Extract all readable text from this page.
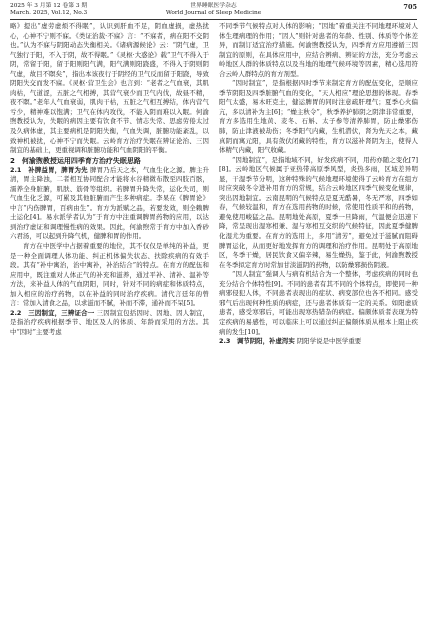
2025 年 3 月第 12 卷第 3 期
March. 2025, Vol.12, No.3
世界睡眠医学杂志
World Journal of Sleep Medicine
705

略》提出“虚劳虚烦不得眠”，认识到肝血不足，阴血虚损，虚热扰心，心神不宁则不寐。《类证治裁·不寐》言：“不寐者，病在阳不交阴也。”认为不寐与阴阳动态失衡相关。《诸病源候论》云：“阴气虚，卫气独行于阳，不入于阴，故不得眠。”《灵枢·大惑论》载“卫气不得入于阴，常留于阳，留于阳则阳气满，阳气满则阳跷盛，不得入于阴则阴气虚，故目不瞑矣”，指出本该夜行于阴经的卫气反而留于阳跷，导致阴阳失交而发不寐。《灵枢·营卫生会》也言到：“老者之气血衰，其肌肉枯，气道涩，五脏之气相搏，其营气衰少而卫气内伐，故昼不精，夜不瞑。”老年人气血衰弱，肌肉干枯，五脏之气相互搏结，体内营气亏少，精神难以饱满；卫气在体内攻伐，不能入阴而难以入眠。何渝煦教授认为，失眠的病因主要有饮食不节、情志失常、思虑劳倦太过及久病体虚，其主要病机是阴阳失衡，气血失调，脏腑功能紊乱，以致神机被扰，心神不宁而失眠。云岭育方治疗失眠在辨证论治、三因制宜的基础上，更重视调和脏腑功能和气血阴阳的平衡。

2　何渝煦教授运用四季育方治疗失眠思路

2.1　补脾益胃，脾胃为先 脾胃乃后天之本，气血生化之源。脾主升清，胃主降浊，二者相互协同配合才能将水谷精微布散至四肢百骸，濡养全身脏腑，肌肤、筋骨等组织。若脾胃升降失常，运化失司，则气血生化乏源，可累及其他脏腑而产生多种病症。李杲在《脾胃论》中言“内伤脾胃，百病由生”。育方为派赋之品，若要发效，则全赖脾土运化[4]。易水派学者认为“于育方中注重调脾胃药物的应用，以达到治疗虚证和调理慢性病的效果。因此，何渝煦常于育方中加入香砂六君汤，可以起到升降气机，健脾和胃的作用。

育方在中医学中占据着重要的地位，其不仅仅是单纯的补益，更是一种全面调理人体功能、纠正机体偏失状态、扶除疾病的有效手段。其有“补中寓治，治中寓补，补治结合”的特点。在育方的配伍和应用中，既注重对人体正气的补充和滋养，通过平补、清补、温补等方法，来补益人体的气血阴阳，同时，针对不同的病症和体质特点，加入相应的治疗药物，以在补益的同时治疗疾病。清代言廷年的曾言：常加入清食之品，以求滋而不腻，补而不滞，通补而不呆[5]。

2.2　三因制宜，三辨证合一 三因制宜包括因时、因地、因人制宜，是指治疗疾病根据季节、地区及人的体质、年龄而采用的方法。其中“因时”主要考虑

不同季节气候特点对人体的影响；“因地”着重关注不同地理环境对人体生理病理的作用；“因人”则针对患者的年龄、性别、体质等个体差异，而制订适宜治疗措施。何渝煦教授认为，四季育方应用遵循三因制宜的原则，在具体应用中，应结合辨病、辨证的方法，充分考虑云岭地区人群的体质特点以及当地的地理气候环境等因素，精心选用符合云岭人群特点的育方剂型。

“因时制宜”，是指根据四时季节来制定育方的配伍变化，是顺应季节阴阳及四季脏腑气血的变化，“天人相应”理论思想的体现。春季阳气太盛，易木旺克土，健运脾胃的同时注意疏肝理气；夏季心火偏亢，多以清补为主[6]；“燥主秋令”，秋季养护肺阴之阴津非常重要，育方多选用生地黄、麦冬、石斛、太子参等清养肺胃，防止燥邪伤肺，防止津液被劫伤；冬季阳气内藏，生机潜伏，肾为先天之本，藏真阴而寓元阳，具有敛伏闭藏的特性，育方以滋补肾阴为主，使得人体精气内藏，阳气收藏。

“因地制宜”，是指地域不同，好发疾病不同，用药亦随之变化[7][8]。云岭地区气候属于亚热带高原季风型，炎热多雨，区域差异明显，干湿季节分明，这种特殊的气候地理环境使得了云岭育方在组方时应突破冬令进补用育方的常规，结合云岭地区四季气候变化规律，突出因地制宜。云南昆明的气候特点是夏无酷暑，冬无严寒，四季如春，气候较温和，育方在选用药物的时候，常使用性质平和的药物，避免使用峻猛之品。昆明地处高原，夏季一旦降雨，气温便会迅速下降，常呈现出湿寒相兼、湿与寒相互交织的气候特征，因此夏季健脾化湿尤为重要。在育方的选用上，多用“清芳”，避免过于滋腻而阻碍脾胃运化，从而更好地发挥育方的调理和治疗作用。昆明处于高原地区，冬季干燥，居民饮食又偏辛辣，易生燥热，鉴于此，何渝煦教授在冬季拟定育方时常加甘淡滋阴的药物，以防燥邪损伤阴液。

“因人制宜”强调人与病有机结合为一个整体，考虑疾病的同时也充分结合个体特性[9]。不同的患者有其不同的个体特点，即使同一种病邪侵犯人体，不同患者表现出的症状、病变部位也各不相同。感受邪气后出现何种性质的病症，还与患者体质有一定的关系。如阳虚质患者，感受寒邪后，可能出现寒热错杂的病症。偏颇体质者表现为特定疾病的易感性，可以临床上可以通过纠正偏颇体质从根本上阻止疾病的发生[10]。

2.3　调节阴阳，补虚泻实 阴阳学说是中医学重要
